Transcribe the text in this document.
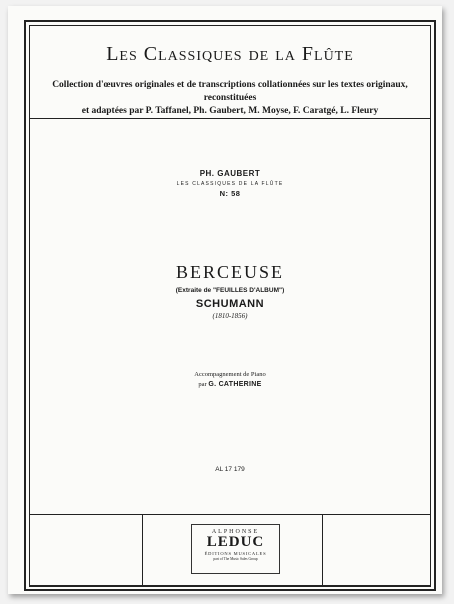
Les Classiques de la Flûte
Collection d'œuvres originales et de transcriptions collationnées sur les textes originaux, reconstituées
et adaptées par P. Taffanel, Ph. Gaubert, M. Moyse, F. Caratgé, L. Fleury
PH. GAUBERT
LES CLASSIQUES DE LA FLÛTE
N: 58
BERCEUSE
(Extraite de "FEUILLES D'ALBUM")
SCHUMANN
(1810-1856)
Accompagnement de Piano
par G. CATHERINE
AL 17 179
ALPHONSE
LEDUC
ÉDITIONS MUSICALES
part of The Music Sales Group
